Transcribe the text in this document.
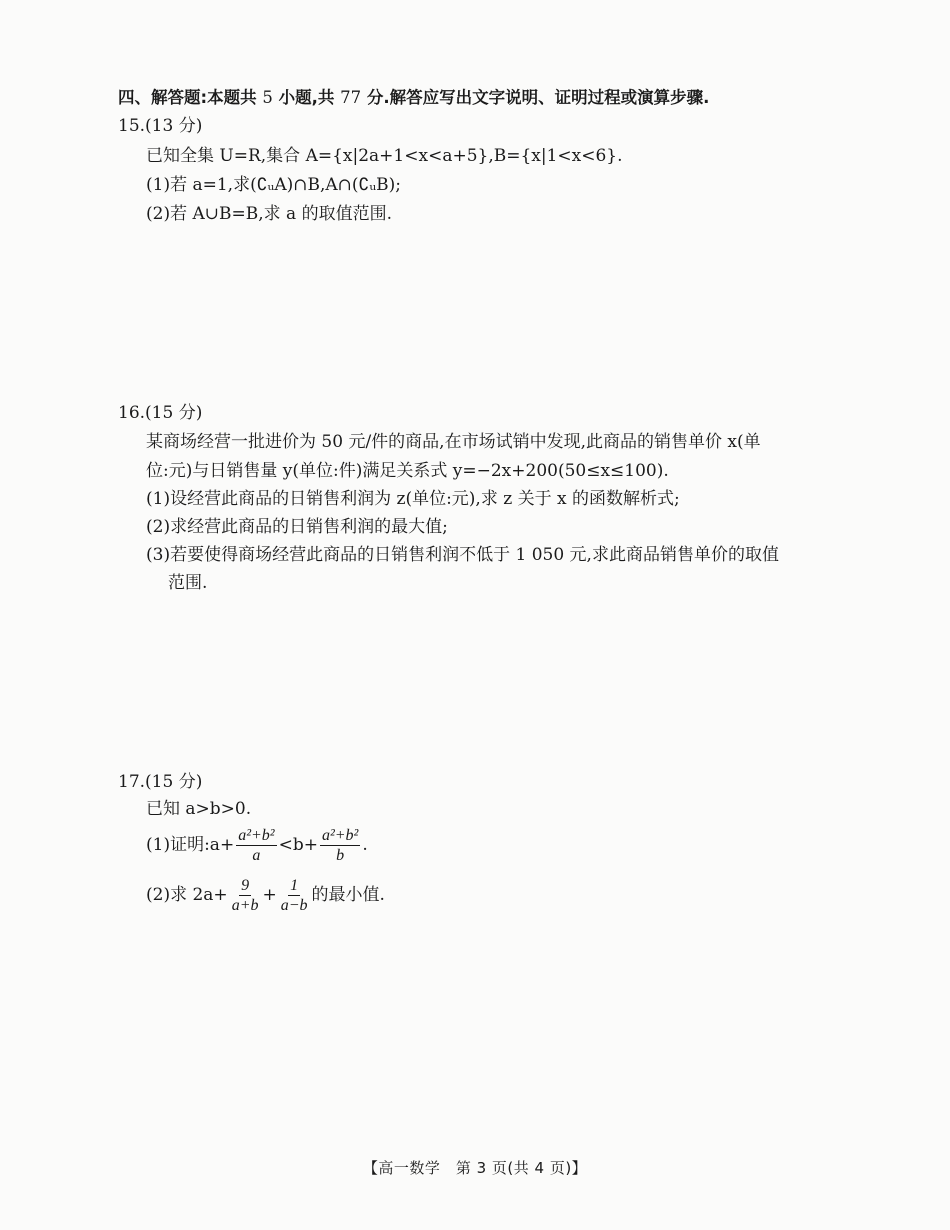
四、解答题:本题共 5 小题,共 77 分.解答应写出文字说明、证明过程或演算步骤.
15.(13 分)
已知全集 U=R,集合 A={x|2a+1<x<a+5},B={x|1<x<6}.
(1)若 a=1,求(∁ᵤA)∩B,A∩(∁ᵤB);
(2)若 A∪B=B,求 a 的取值范围.
16.(15 分)
某商场经营一批进价为 50 元/件的商品,在市场试销中发现,此商品的销售单价 x(单
位:元)与日销售量 y(单位:件)满足关系式 y=−2x+200(50≤x≤100).
(1)设经营此商品的日销售利润为 z(单位:元),求 z 关于 x 的函数解析式;
(2)求经营此商品的日销售利润的最大值;
(3)若要使得商场经营此商品的日销售利润不低于 1 050 元,求此商品销售单价的取值
范围.
17.(15 分)
已知 a>b>0.
(1)证明:a+ $\frac{\text{a²+b²}}{a} <b+ \frac{\text{a²+b²}}{b}$ .
(2)求 $2a+ \frac{9}{a+b} + \frac{1}{a-b}$ 的最小值.
【高一数学　第 3 页(共 4 页)】
